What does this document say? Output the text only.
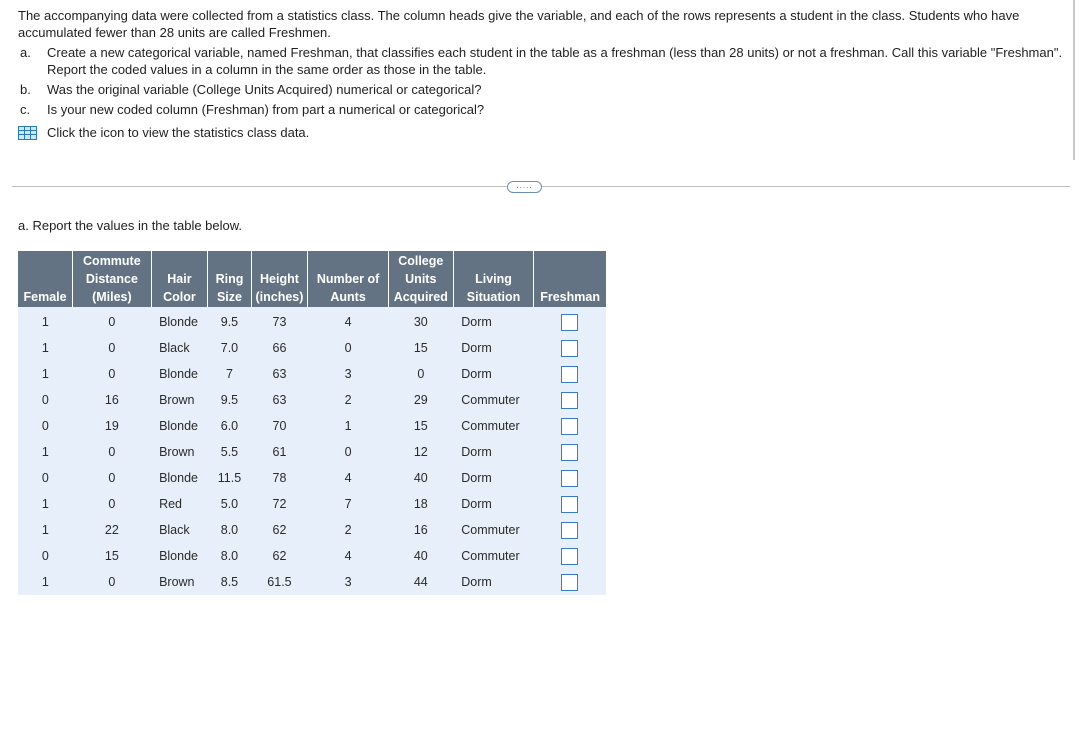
The accompanying data were collected from a statistics class. The column heads give the variable, and each of the rows represents a student in the class. Students who have accumulated fewer than 28 units are called Freshmen.

a.	Create a new categorical variable, named Freshman, that classifies each student in the table as a freshman (less than 28 units) or not a freshman. Call this variable "Freshman". Report the coded values in a column in the same order as those in the table.
b.	Was the original variable (College Units Acquired) numerical or categorical?
c.	Is your new coded column (Freshman) from part a numerical or categorical?
Click the icon to view the statistics class data.
.....
a. Report the values in the table below.
Female	Commute
Distance
(Miles)	Hair
Color	Ring
Size	Height
(inches)	Number of
Aunts	College
Units
Acquired	Living
Situation	Freshman
1	0	Blonde	9.5	73	4	30	Dorm	
1	0	Black	7.0	66	0	15	Dorm	
1	0	Blonde	7	63	3	0	Dorm	
0	16	Brown	9.5	63	2	29	Commuter	
0	19	Blonde	6.0	70	1	15	Commuter	
1	0	Brown	5.5	61	0	12	Dorm	
0	0	Blonde	11.5	78	4	40	Dorm	
1	0	Red	5.0	72	7	18	Dorm	
1	22	Black	8.0	62	2	16	Commuter	
0	15	Blonde	8.0	62	4	40	Commuter	
1	0	Brown	8.5	61.5	3	44	Dorm	
